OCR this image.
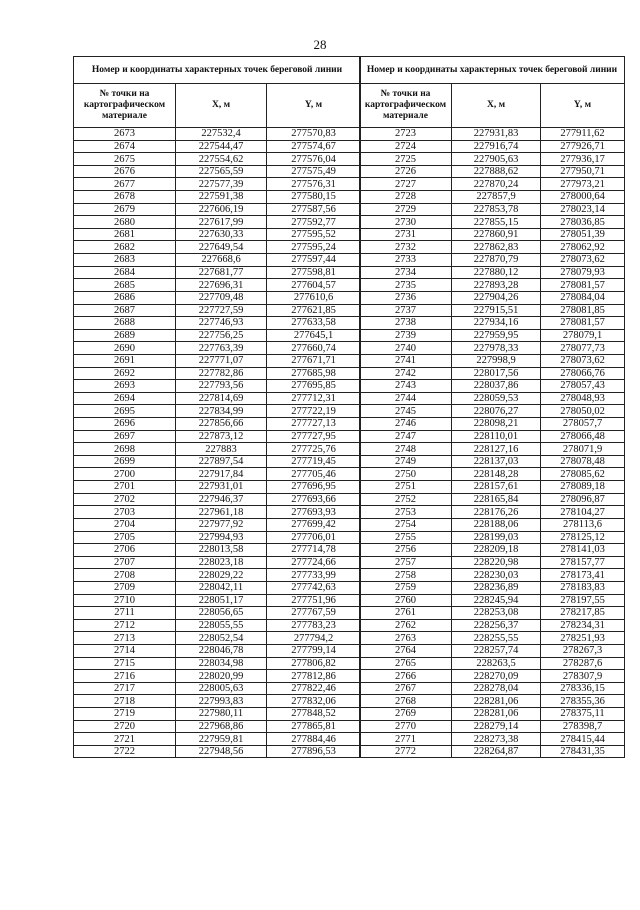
28
Номер и координаты характерных точек береговой линии		
№ точки на картографическом материале	X, м	Y, м
2673	227532,4	277570,83
2674	227544,47	277574,67
2675	227554,62	277576,04
2676	227565,59	277575,49
2677	227577,39	277576,31
2678	227591,38	277580,15
2679	227606,19	277587,56
2680	227617,99	277592,77
2681	227630,33	277595,52
2682	227649,54	277595,24
2683	227668,6	277597,44
2684	227681,77	277598,81
2685	227696,31	277604,57
2686	227709,48	277610,6
2687	227727,59	277621,85
2688	227746,93	277633,58
2689	227756,25	277645,1
2690	227763,39	277660,74
2691	227771,07	277671,71
2692	227782,86	277685,98
2693	227793,56	277695,85
2694	227814,69	277712,31
2695	227834,99	277722,19
2696	227856,66	277727,13
2697	227873,12	277727,95
2698	227883	277725,76
2699	227897,54	277719,45
2700	227917,84	277705,46
2701	227931,01	277696,95
2702	227946,37	277693,66
2703	227961,18	277693,93
2704	227977,92	277699,42
2705	227994,93	277706,01
2706	228013,58	277714,78
2707	228023,18	277724,66
2708	228029,22	277733,99
2709	228042,11	277742,63
2710	228051,17	277751,96
2711	228056,65	277767,59
2712	228055,55	277783,23
2713	228052,54	277794,2
2714	228046,78	277799,14
2715	228034,98	277806,82
2716	228020,99	277812,86
2717	228005,63	277822,46
2718	227993,83	277832,06
2719	227980,11	277848,52
2720	227968,86	277865,81
2721	227959,81	277884,46
2722	227948,56	277896,53
Номер и координаты характерных точек береговой линии		
№ точки на картографическом материале	X, м	Y, м
2723	227931,83	277911,62
2724	227916,74	277926,71
2725	227905,63	277936,17
2726	227888,62	277950,71
2727	227870,24	277973,21
2728	227857,9	278000,64
2729	227853,78	278023,14
2730	227855,15	278036,85
2731	227860,91	278051,39
2732	227862,83	278062,92
2733	227870,79	278073,62
2734	227880,12	278079,93
2735	227893,28	278081,57
2736	227904,26	278084,04
2737	227915,51	278081,85
2738	227934,16	278081,57
2739	227959,95	278079,1
2740	227978,33	278077,73
2741	227998,9	278073,62
2742	228017,56	278066,76
2743	228037,86	278057,43
2744	228059,53	278048,93
2745	228076,27	278050,02
2746	228098,21	278057,7
2747	228110,01	278066,48
2748	228127,16	278071,9
2749	228137,03	278078,48
2750	228148,28	278085,62
2751	228157,61	278089,18
2752	228165,84	278096,87
2753	228176,26	278104,27
2754	228188,06	278113,6
2755	228199,03	278125,12
2756	228209,18	278141,03
2757	228220,98	278157,77
2758	228230,03	278173,41
2759	228236,89	278183,83
2760	228245,94	278197,55
2761	228253,08	278217,85
2762	228256,37	278234,31
2763	228255,55	278251,93
2764	228257,74	278267,3
2765	228263,5	278287,6
2766	228270,09	278307,9
2767	228278,04	278336,15
2768	228281,06	278355,36
2769	228281,06	278375,11
2770	228279,14	278398,7
2771	228273,38	278415,44
2772	228264,87	278431,35
